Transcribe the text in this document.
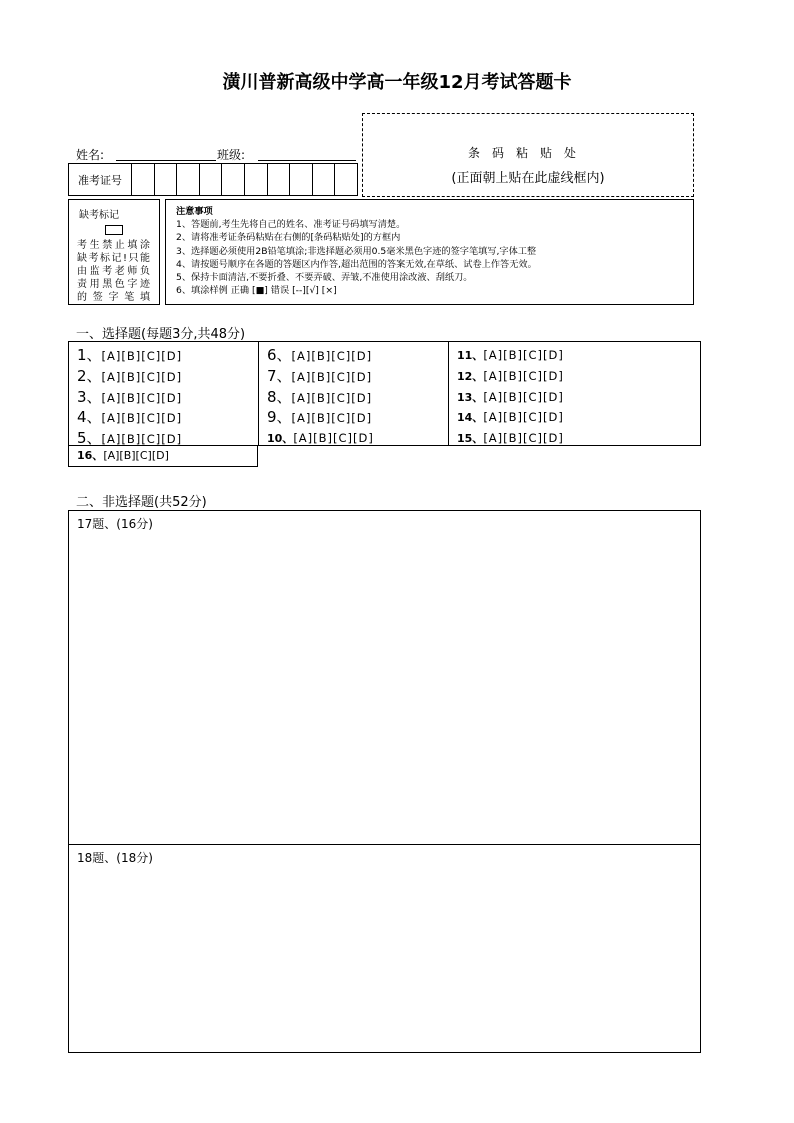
潢川普新高级中学高一年级12月考试答题卡
姓名:	班级:
准考证号
条码粘贴处
(正面朝上贴在此虚线框内)
缺考标记
考生禁止填涂缺考标记!只能由监考老师负责用黑色字迹的签字笔填
注意事项
1、答题前,考生先将自己的姓名、准考证号码填写清楚。
2、请将准考证条码粘贴在右侧的[条码粘贴处]的方框内
3、选择题必须使用2B铅笔填涂;非选择题必须用0.5毫米黑色字迹的签字笔填写,字体工整
4、请按题号顺序在各题的答题区内作答,超出范围的答案无效,在草纸、试卷上作答无效。
5、保持卡面清洁,不要折叠、不要弄破、弄皱,不准使用涂改液、刮纸刀。
6、填涂样例 正确 [■] 错误 [--][√] [×]
一、选择题(每题3分,共48分)
1、[A][B][C][D]
2、[A][B][C][D]
3、[A][B][C][D]
4、[A][B][C][D]
5、[A][B][C][D]
6、[A][B][C][D]
7、[A][B][C][D]
8、[A][B][C][D]
9、[A][B][C][D]
10、[A][B][C][D]
11、[A][B][C][D]
12、[A][B][C][D]
13、[A][B][C][D]
14、[A][B][C][D]
15、[A][B][C][D]
16、[A][B][C][D]
二、非选择题(共52分)
17题、(16分)
18题、(18分)
